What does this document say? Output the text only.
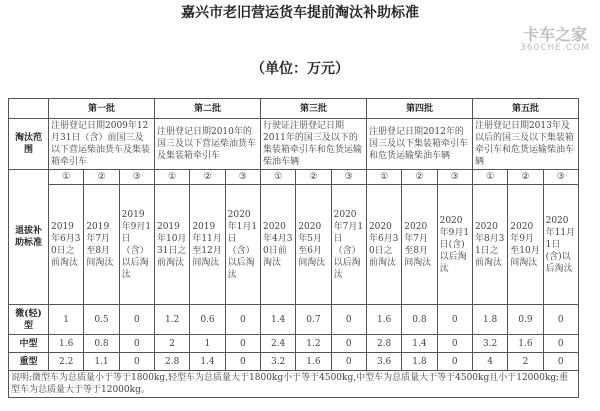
嘉兴市老旧营运货车提前淘汰补助标准
（单位：万元）
	第一批			第二批			第三批			第四批			第五批		
淘汰范围	注册登记日期2009年12月31日（含）前国三及以下营运柴油货车及集装箱牵引车			注册登记日期2010年的国三及以下营运柴油货车及集装箱牵引车			行驶证注册登记日期2011年的国三及以下的集装箱牵引车和危货运输柴油车辆			注册登记日期2012年的国三及以下集装箱牵引车和危货运输柴油车辆			注册登记日期2013年及以后的国三及以下集装箱牵引车和危货运输柴油车辆		
退拔补助标准	①	②	③	①	②	③	①	②	③	①	②	③	①	②	③
	2019年6月30日之前淘汰	2019年7月至8月间淘汰	2019年9月1日（含）以后淘汰	2019年10月31日之前淘汰	2019年11月至12月间淘汰	2020年1月1日（含）以后淘汰	2020年4月30日前淘汰	2020年5月至6月间淘汰	2020年7月1日（含）以后淘汰	2020年6月30日之前淘汰	2020年7月至8月间淘汰	2020年9月1日(含)以后淘汰	2020年8月31日之前淘汰	2020年9月至10月间淘汰	2020年11月1日(含)以后淘汰
微(轻)型	1	0.5	0	1.2	0.6	0	1.4	0.7	0	1.6	0.8	0	1.8	0.9	0
中型	1.6	0.8	0	2	1	0	2.4	1.2	0	2.8	1.4	0	3.2	1.6	0
重型	2.2	1.1	0	2.8	1.4	0	3.2	1.6	0	3.6	1.8	0	4	2	0
说明:微型车为总质量小于等于1800kg,轻型车为总质量大于1800kg小于等于4500kg,中型车为总质量大于等于4500kg且小于12000kg;重型车为总质量大于等于12000kg。															
卡车之家
360CHE.COM
